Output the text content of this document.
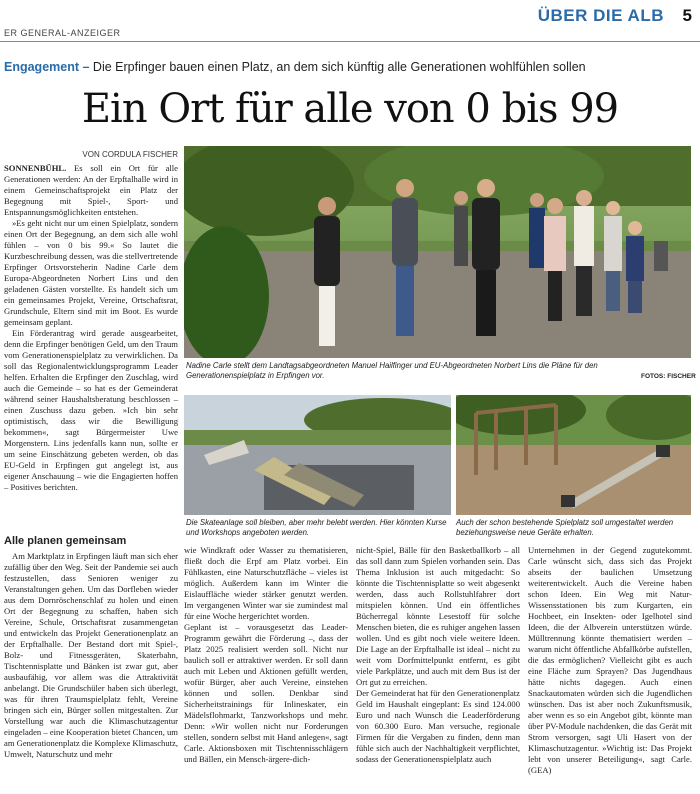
ER GENERAL-ANZEIGER
ÜBER DIE ALB 5
Engagement – Die Erpfinger bauen einen Platz, an dem sich künftig alle Generationen wohlfühlen sollen
Ein Ort für alle von 0 bis 99
VON CORDULA FISCHER

SONNENBÜHL. Es soll ein Ort für alle Generationen werden: An der Erpftalhalle wird in einem Gemeinschaftsprojekt ein Platz der Begegnung mit Spiel-, Sport- und Entspannungsmöglichkeiten entstehen.

»Es geht nicht nur um einen Spielplatz, sondern einen Ort der Begegnung, an dem sich alle wohl fühlen – von 0 bis 99.« So lautet die Kurzbeschreibung dessen, was die stellvertretende Erpfinger Ortsvorsteherin Nadine Carle dem Europa-Abgeordneten Norbert Lins und den geladenen Gästen vorstellte. Es handelt sich um ein gemeinsames Projekt, Vereine, Ortschaftsrat, Grundschule, Eltern sind mit im Boot. Es wurde gemeinsam geplant.

Ein Förderantrag wird gerade ausgearbeitet, denn die Erpfinger benötigen Geld, um den Traum vom Generationenspielplatz zu verwirklichen. Da soll das Regionalentwicklungsprogramm Leader helfen. Erhalten die Erpfinger den Zuschlag, wird auch die Gemeinde – so hat es der Gemeinderat während seiner Haushaltsberatung beschlossen – einen Zuschuss dazu geben. »Ich bin sehr optimistisch, dass wir die Bewilligung bekommen«, sagt Bürgermeister Uwe Morgenstern. Lins jedenfalls kann nun, sollte er um seine Einschätzung gebeten werden, ob das EU-Geld in Erpfingen gut angelegt ist, aus eigener Anschauung – wie die Engagierten hoffen – Positives berichten.

Nadine Carle stellt dem Landtagsabgeordneten Manuel Hailfinger und EU-Abgeordneten Norbert Lins die Pläne für den Generationenspielplatz in Erpfingen vor.	FOTOS: FISCHER
Die Skateanlage soll bleiben, aber mehr belebt werden. Hier könnten Kurse und Workshops angeboten werden.
Auch der schon bestehende Spielplatz soll umgestaltet werden beziehungsweise neue Geräte erhalten.
Alle planen gemeinsam

Am Marktplatz in Erpfingen läuft man sich eher zufällig über den Weg. Seit der Pandemie sei auch festzustellen, dass Senioren weniger zu Veranstaltungen gehen. Um das Dorfleben wieder aus dem Dornröschenschlaf zu holen und einen Ort der Begegnung zu schaffen, haben sich Vereine, Schule, Ortschaftsrat zusammengetan und entwickeln das Projekt Generationenplatz an der Erpftalhalle. Der Bestand dort mit Spiel-, Bolz- und Fitnessgeräten, Skaterbahn, Tischtennisplatte und Bänken ist zwar gut, aber ausbaufähig, vor allem was die Attraktivität anbelangt. Die Grundschüler haben sich überlegt, was für ihren Traumspielplatz fehlt, Vereine bringen sich ein, Bürger sollen mitgestalten. Zur Vorstellung war auch die Klimaschutzagentur eingeladen – eine Kooperation bietet Chancen, um am Generationenplatz die Komplexe Klimaschutz, Umwelt, Naturschutz und mehr

wie Windkraft oder Wasser zu thematisieren, fließt doch die Erpf am Platz vorbei. Ein Fühlkasten, eine Naturschutzfläche – vieles ist möglich. Außerdem kann im Winter die Eislauffläche wieder stärker genutzt werden. Im vergangenen Winter war sie zumindest mal für eine Woche hergerichtet worden.
Geplant ist – vorausgesetzt das Leader-Programm gewährt die Förderung –, dass der Platz 2025 realisiert werden soll. Nicht nur baulich soll er attraktiver werden. Er soll dann auch mit Leben und Aktionen gefüllt werden, wofür Bürger, aber auch Vereine, einstehen können und sollen. Denkbar sind Sicherheitstrainings für Inlineskater, ein Mädelsflohmarkt, Tanzworkshops und mehr. Denn: »Wir wollen nicht nur Forderungen stellen, sondern selbst mit Hand anlegen«, sagt Carle. Aktionsboxen mit Tischtennisschlägern und Bällen, ein Mensch-ärgere-dich-
nicht-Spiel, Bälle für den Basketballkorb – all das soll dann zum Spielen vorhanden sein. Das Thema Inklusion ist auch mitgedacht: So könnte die Tischtennisplatte so weit abgesenkt werden, dass auch Rollstuhlfahrer dort mitspielen können. Und ein öffentliches Bücherregal könnte Lesestoff für solche Menschen bieten, die es ruhiger angehen lassen wollen. Und es gibt noch viele weitere Ideen. Die Lage an der Erpftalhalle ist ideal – nicht zu weit vom Dorfmittelpunkt entfernt, es gibt viele Parkplätze, und auch mit dem Bus ist der Ort gut zu erreichen.
Der Gemeinderat hat für den Generationenplatz Geld im Haushalt eingeplant: Es sind 124.000 Euro und nach Wunsch die Leaderförderung von 60.300 Euro. Man versuche, regionale Firmen für die Vergaben zu finden, denn man fühle sich auch der Nachhaltigkeit verpflichtet, sodass der Generationenspielplatz auch
Unternehmen in der Gegend zugutekommt. Carle wünscht sich, dass sich das Projekt abseits der baulichen Umsetzung weiterentwickelt. Auch die Vereine haben schon Ideen. Ein Weg mit Natur-Wissensstationen bis zum Kurgarten, ein Hochbeet, ein Insekten- oder Igelhotel sind Ideen, die der Albverein unterstützen würde. Mülltrennung könnte thematisiert werden – warum nicht öffentliche Abfallkörbe aufstellen, die das ermöglichen? Vielleicht gibt es auch eine Fläche zum Sprayen? Das Jugendhaus hätte nichts dagegen. Auch einen Snackautomaten würden sich die Jugendlichen wünschen. Das ist aber noch Zukunftsmusik, aber wenn es so ein Angebot gibt, könnte man über PV-Module nachdenken, die das Gerät mit Strom versorgen, sagt Uli Hasert von der Klimaschutzagentur. »Wichtig ist: Das Projekt lebt von unserer Beteiligung«, sagt Carle. (GEA)
